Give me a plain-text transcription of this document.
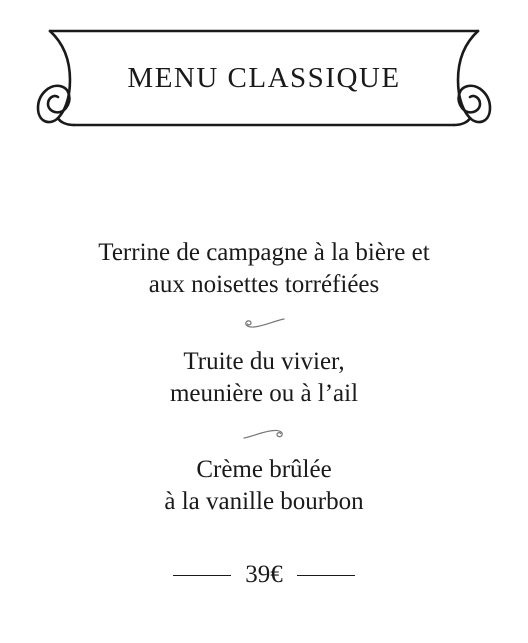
MENU CLASSIQUE
Terrine de campagne à la bière et
aux noisettes torréfiées
Truite du vivier,
meunière ou à l’ail
Crème brûlée
à la vanille bourbon
39€
